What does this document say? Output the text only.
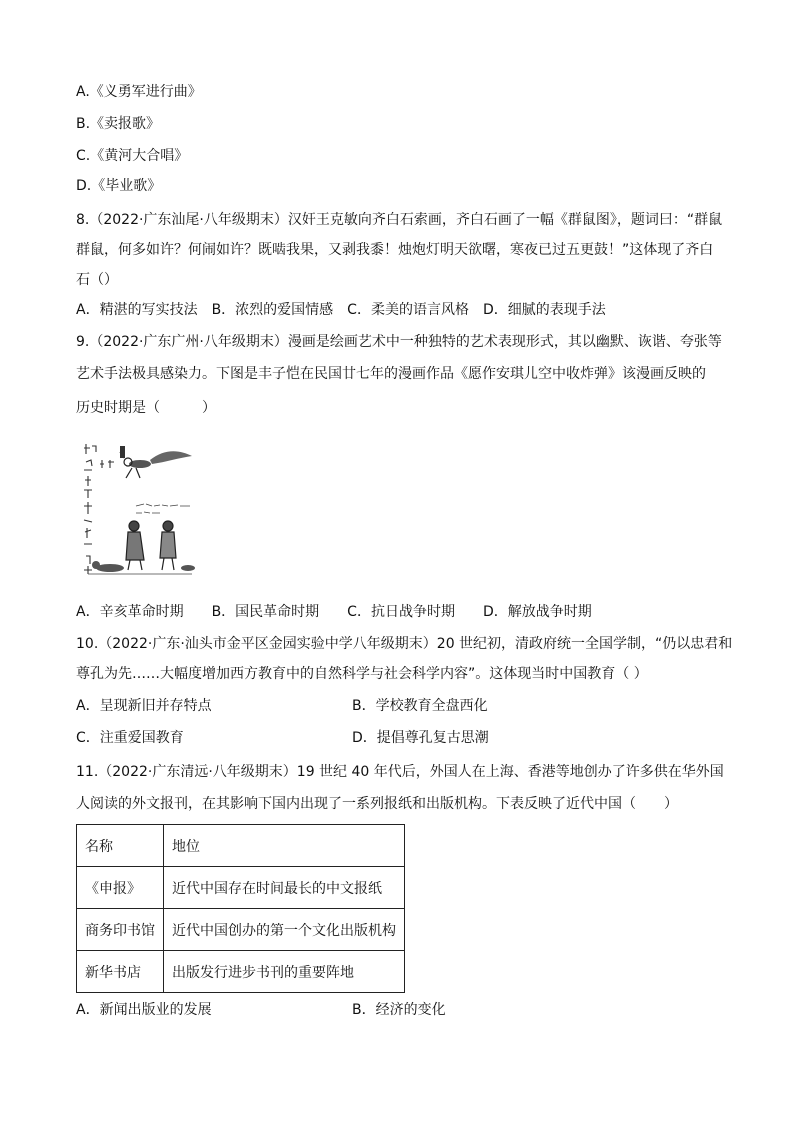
A.《义勇军进行曲》
B.《卖报歌》
C.《黄河大合唱》
D.《毕业歌》
8.（2022·广东汕尾·八年级期末）汉奸王克敏向齐白石索画，齐白石画了一幅《群鼠图》，题词曰：“群鼠
群鼠，何多如许？何闹如许？既啮我果，又剥我黍！烛炮灯明天欲曙，寒夜已过五更鼓！”这体现了齐白
石（）
A．精湛的写实技法　B．浓烈的爱国情感　C．柔美的语言风格　D．细腻的表现手法
9.（2022·广东广州·八年级期末）漫画是绘画艺术中一种独特的艺术表现形式，其以幽默、诙谐、夸张等
艺术手法极具感染力。下图是丰子恺在民国廿七年的漫画作品《愿作安琪儿空中收炸弹》该漫画反映的
历史时期是（　　　）
A．辛亥革命时期　　B．国民革命时期　　C．抗日战争时期　　D．解放战争时期
10.（2022·广东·汕头市金平区金园实验中学八年级期末）20 世纪初，清政府统一全国学制，“仍以忠君和
尊孔为先……大幅度增加西方教育中的自然科学与社会科学内容”。这体现当时中国教育（ ）
A．呈现新旧并存特点	B．学校教育全盘西化
C．注重爱国教育	D．提倡尊孔复古思潮
11.（2022·广东清远·八年级期末）19 世纪 40 年代后，外国人在上海、香港等地创办了许多供在华外国
人阅读的外文报刊，在其影响下国内出现了一系列报纸和出版机构。下表反映了近代中国（　　）
名称	地位
《申报》	近代中国存在时间最长的中文报纸
商务印书馆	近代中国创办的第一个文化出版机构
新华书店	出版发行进步书刊的重要阵地
A．新闻出版业的发展	B．经济的变化
